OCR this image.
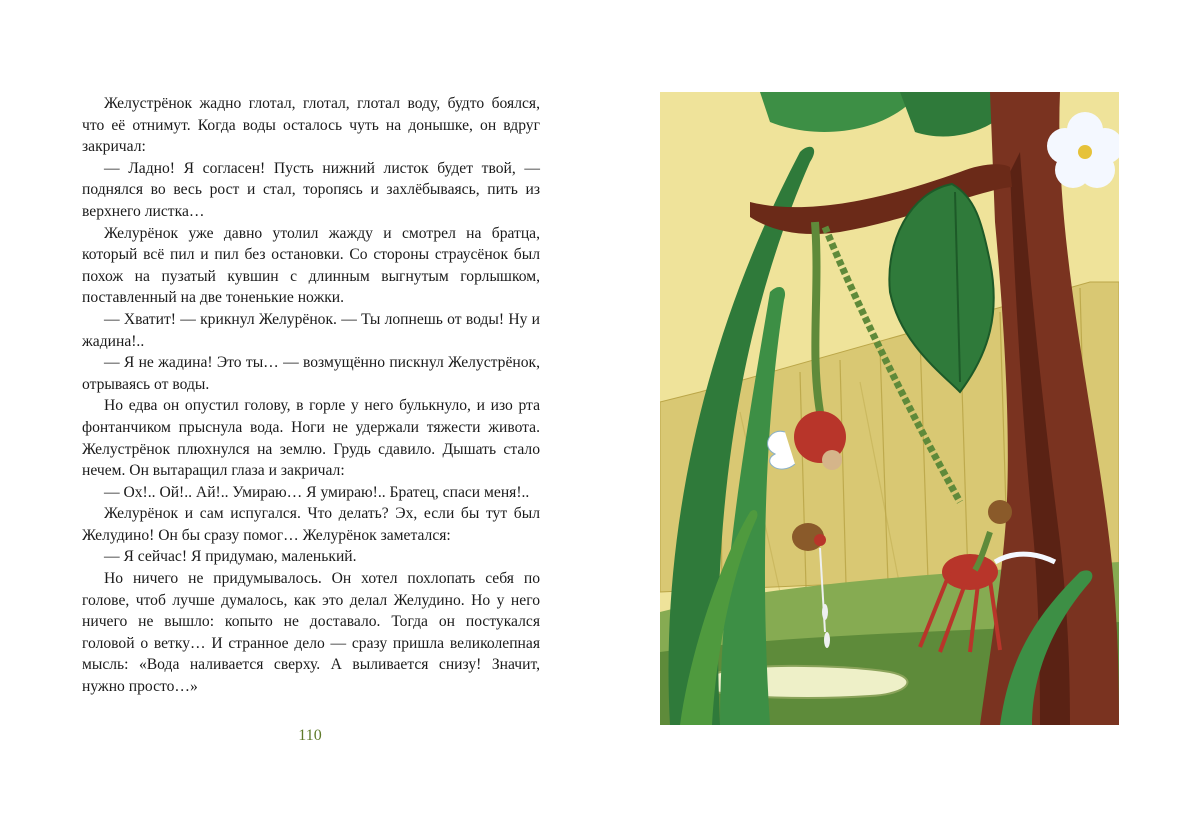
Желустрёнок жадно глотал, глотал, глотал воду, будто боялся, что её отнимут. Когда воды осталось чуть на донышке, он вдруг закричал:

— Ладно! Я согласен! Пусть нижний листок будет твой, — поднялся во весь рост и стал, торопясь и захлёбываясь, пить из верхнего листка…

Желурёнок уже давно утолил жажду и смотрел на братца, который всё пил и пил без остановки. Со стороны страусёнок был похож на пузатый кувшин с длинным выгнутым горлышком, поставленный на две тоненькие ножки.

— Хватит! — крикнул Желурёнок. — Ты лопнешь от воды! Ну и жадина!..

— Я не жадина! Это ты… — возмущённо пискнул Желустрёнок, отрываясь от воды.

Но едва он опустил голову, в горле у него булькнуло, и изо рта фонтанчиком прыснула вода. Ноги не удержали тяжести живота. Желустрёнок плюхнулся на землю. Грудь сдавило. Дышать стало нечем. Он вытаращил глаза и закричал:

— Ох!.. Ой!.. Ай!.. Умираю… Я умираю!.. Братец, спаси меня!..

Желурёнок и сам испугался. Что делать? Эх, если бы тут был Желудино! Он бы сразу помог… Желурёнок заметался:

— Я сейчас! Я придумаю, маленький.

Но ничего не придумывалось. Он хотел похлопать себя по голове, чтоб лучше думалось, как это делал Желудино. Но у него ничего не вышло: копыто не доставало. Тогда он постукался головой о ветку… И странное дело — сразу пришла великолепная мысль: «Вода наливается сверху. А выливается снизу! Значит, нужно просто…»

110
